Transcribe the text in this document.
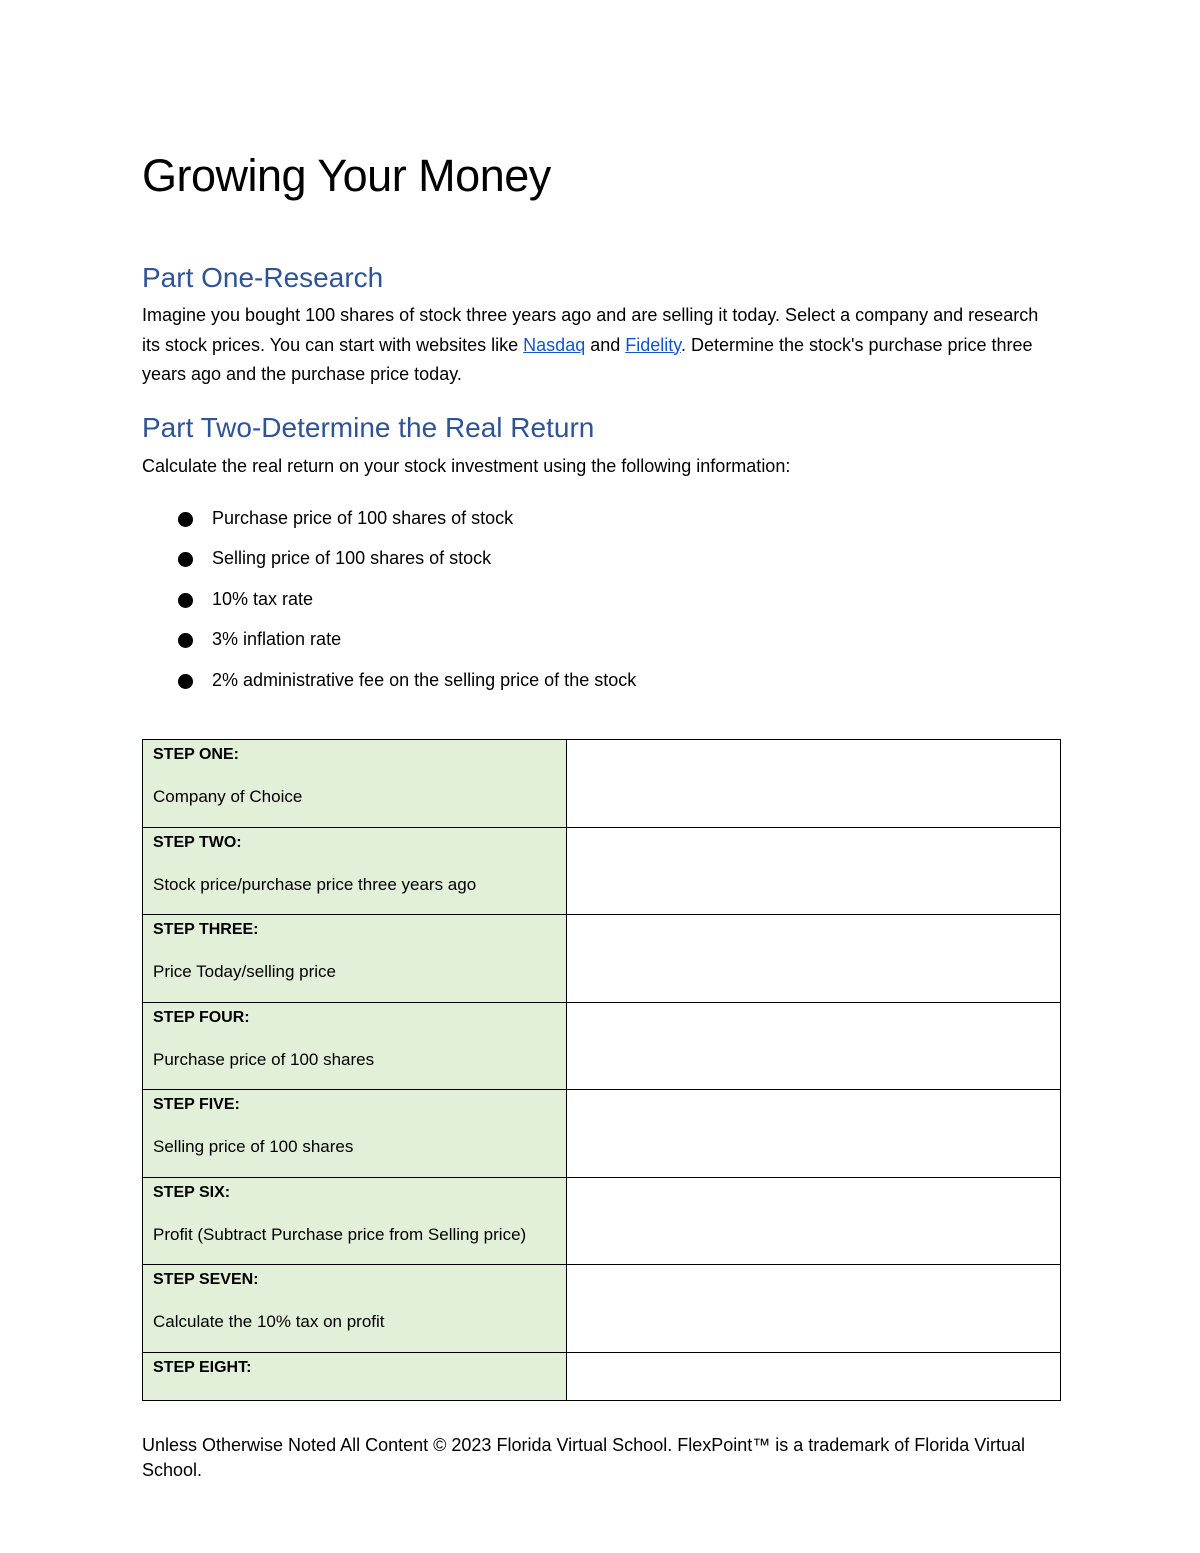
Growing Your Money
Part One-Research

Imagine you bought 100 shares of stock three years ago and are selling it today. Select a company and research its stock prices. You can start with websites like Nasdaq and Fidelity. Determine the stock's purchase price three years ago and the purchase price today.

Part Two-Determine the Real Return

Calculate the real return on your stock investment using the following information:

Purchase price of 100 shares of stock
Selling price of 100 shares of stock
10% tax rate
3% inflation rate
2% administrative fee on the selling price of the stock
STEP ONE:
Company of Choice	

STEP TWO:
Stock price/purchase price three years ago	

STEP THREE:
Price Today/selling price	

STEP FOUR:
Purchase price of 100 shares	

STEP FIVE:
Selling price of 100 shares	

STEP SIX:
Profit (Subtract Purchase price from Selling price)	

STEP SEVEN:
Calculate the 10% tax on profit	

STEP EIGHT:	

Unless Otherwise Noted All Content © 2023 Florida Virtual School. FlexPoint™ is a trademark of Florida Virtual School.
